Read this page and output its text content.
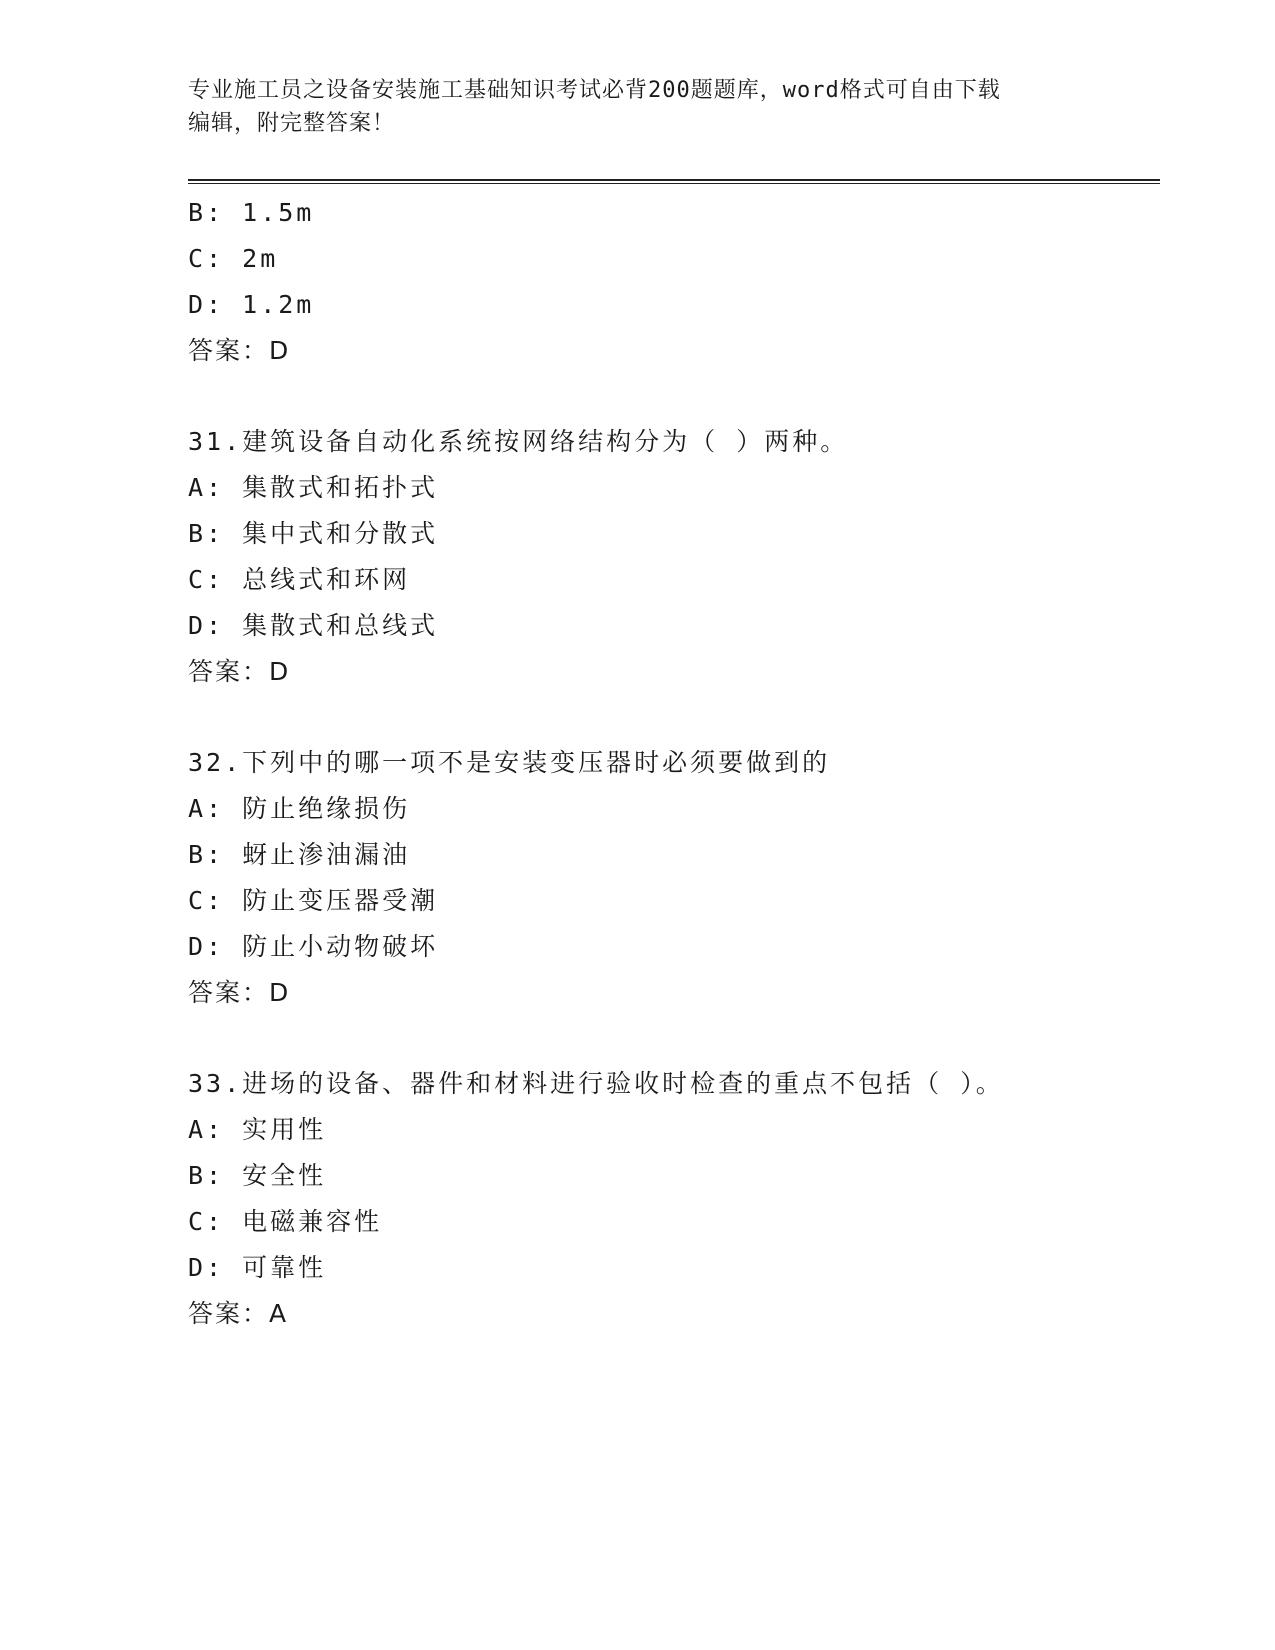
专业施工员之设备安装施工基础知识考试必背200题题库，word格式可自由下载
编辑，附完整答案！
B: 1.5m
C: 2m
D: 1.2m
答案：D
31.建筑设备自动化系统按网络结构分为（ ）两种。
A: 集散式和拓扑式
B: 集中式和分散式
C: 总线式和环网
D: 集散式和总线式
答案：D
32.下列中的哪一项不是安装变压器时必须要做到的
A: 防止绝缘损伤
B: 蚜止渗油漏油
C: 防止变压器受潮
D: 防止小动物破坏
答案：D
33.进场的设备、器件和材料进行验收时检查的重点不包括（ ）。
A: 实用性
B: 安全性
C: 电磁兼容性
D: 可靠性
答案：A
